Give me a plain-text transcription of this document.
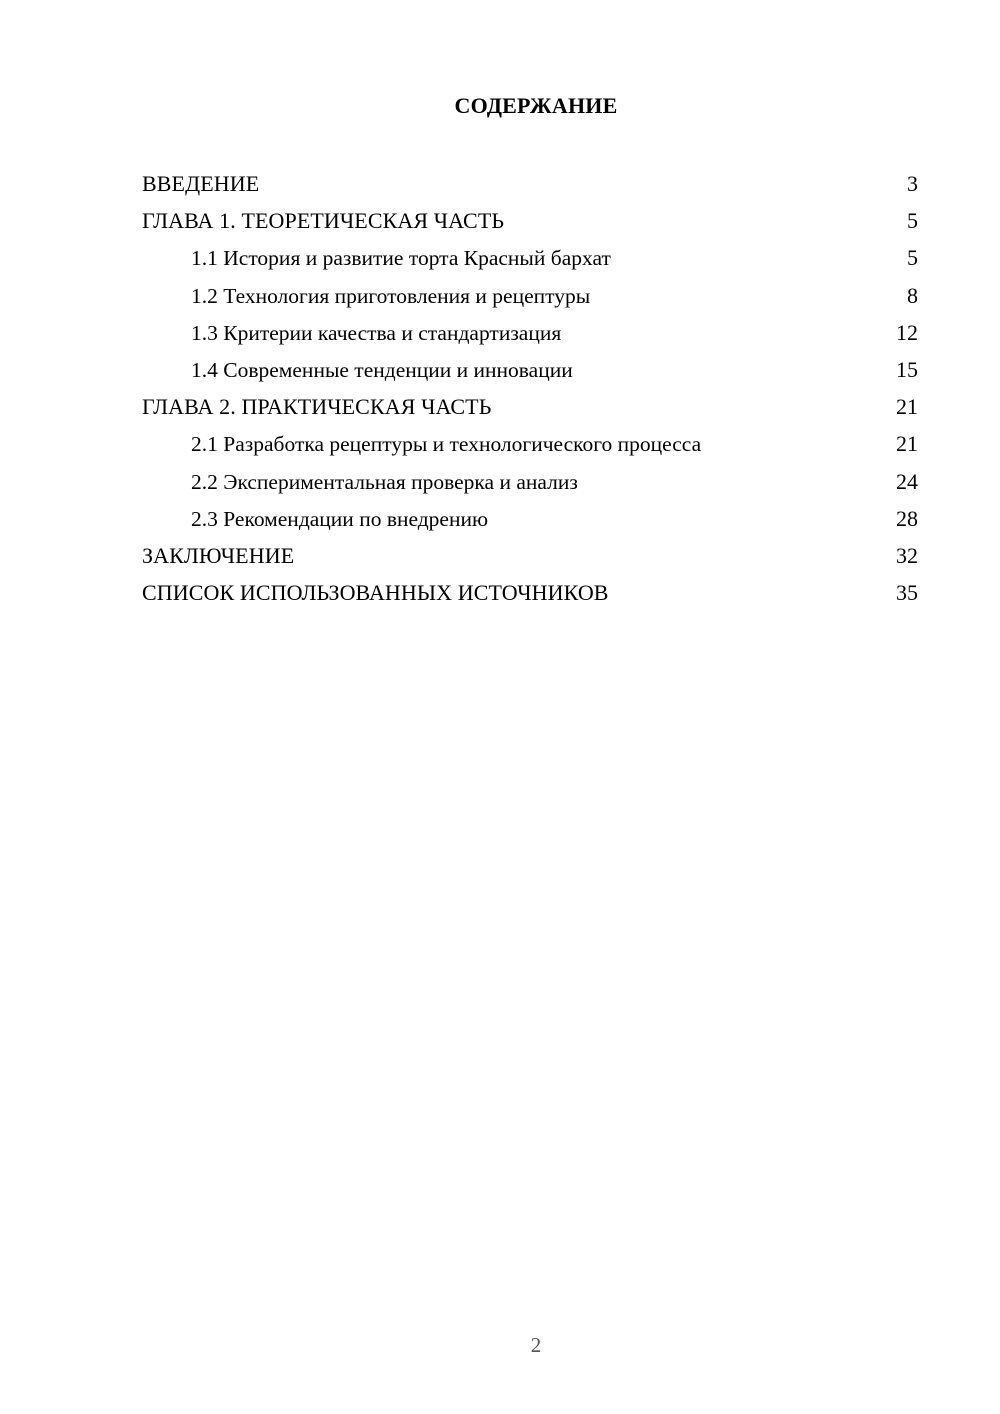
СОДЕРЖАНИЕ
ВВЕДЕНИЕ	3
ГЛАВА 1. ТЕОРЕТИЧЕСКАЯ ЧАСТЬ	5
1.1 История и развитие торта Красный бархат	5
1.2 Технология приготовления и рецептуры	8
1.3 Критерии качества и стандартизация	12
1.4 Современные тенденции и инновации	15
ГЛАВА 2. ПРАКТИЧЕСКАЯ ЧАСТЬ	21
2.1 Разработка рецептуры и технологического процесса	21
2.2 Экспериментальная проверка и анализ	24
2.3 Рекомендации по внедрению	28
ЗАКЛЮЧЕНИЕ	32
СПИСОК ИСПОЛЬЗОВАННЫХ ИСТОЧНИКОВ	35
2
